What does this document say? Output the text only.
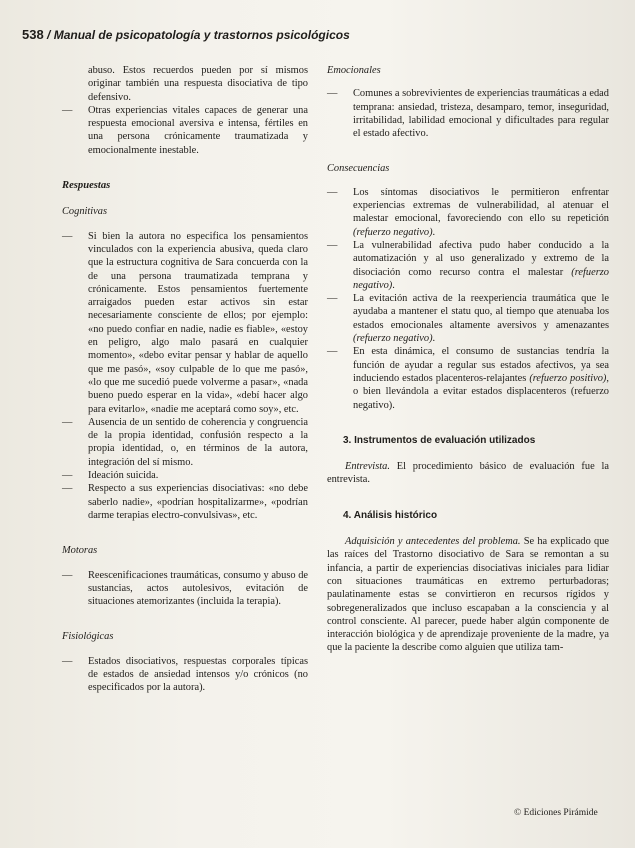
538 / Manual de psicopatología y trastornos psicológicos

abuso. Estos recuerdos pueden por sí mismos originar también una respuesta disociativa de tipo defensivo.

— Otras experiencias vitales capaces de generar una respuesta emocional aversiva e intensa, fértiles en una persona crónicamente traumatizada y emocionalmente inestable.

Respuestas

Cognitivas

— Si bien la autora no especifica los pensamientos vinculados con la experiencia abusiva, queda claro que la estructura cognitiva de Sara concuerda con la de una persona traumatizada temprana y crónicamente. Estos pensamientos fuertemente arraigados pueden estar activos sin estar necesariamente consciente de ellos; por ejemplo: «no puedo confiar en nadie, nadie es fiable», «estoy en peligro, algo malo pasará en cualquier momento», «debo evitar pensar y hablar de aquello que me pasó», «soy culpable de lo que me pasó», «lo que me sucedió puede volverme a pasar», «nada bueno puedo esperar en la vida», «debí hacer algo para evitarlo», «nadie me aceptará como soy», etc.

— Ausencia de un sentido de coherencia y congruencia de la propia identidad, confusión respecto a la propia identidad, o, en términos de la autora, integración del sí mismo.

— Ideación suicida.

— Respecto a sus experiencias disociativas: «no debe saberlo nadie», «podrían hospitalizarme», «podrían darme terapias electro-convulsivas», etc.

Motoras

— Reescenificaciones traumáticas, consumo y abuso de sustancias, actos autolesivos, evitación de situaciones atemorizantes (incluida la terapia).

Fisiológicas

— Estados disociativos, respuestas corporales típicas de estados de ansiedad intensos y/o crónicos (no especificados por la autora).

Emocionales

— Comunes a sobrevivientes de experiencias traumáticas a edad temprana: ansiedad, tristeza, desamparo, temor, inseguridad, irritabilidad, labilidad emocional y dificultades para regular el estado afectivo.

Consecuencias

— Los síntomas disociativos le permitieron enfrentar experiencias extremas de vulnerabilidad, al atenuar el malestar emocional, favoreciendo con ello su repetición (refuerzo negativo).

— La vulnerabilidad afectiva pudo haber conducido a la automatización y al uso generalizado y extremo de la disociación como recurso contra el malestar (refuerzo negativo).

— La evitación activa de la reexperiencia traumática que le ayudaba a mantener el statu quo, al tiempo que atenuaba los estados emocionales altamente aversivos y amenazantes (refuerzo negativo).

— En esta dinámica, el consumo de sustancias tendría la función de ayudar a regular sus estados afectivos, ya sea induciendo estados placenteros-relajantes (refuerzo positivo), o bien llevándola a evitar estados displacenteros (refuerzo negativo).

3. Instrumentos de evaluación utilizados

Entrevista. El procedimiento básico de evaluación fue la entrevista.

4. Análisis histórico

Adquisición y antecedentes del problema. Se ha explicado que las raíces del Trastorno disociativo de Sara se remontan a su infancia, a partir de experiencias disociativas iniciales para lidiar con situaciones traumáticas en extremo perturbadoras; paulatinamente estas se convirtieron en recursos rígidos y sobregeneralizados que incluso escapaban a la consciencia y al control consciente. Al parecer, puede haber algún componente de interacción biológica y de aprendizaje proveniente de la madre, ya que la paciente la describe como alguien que utiliza tam-

© Ediciones Pirámide
